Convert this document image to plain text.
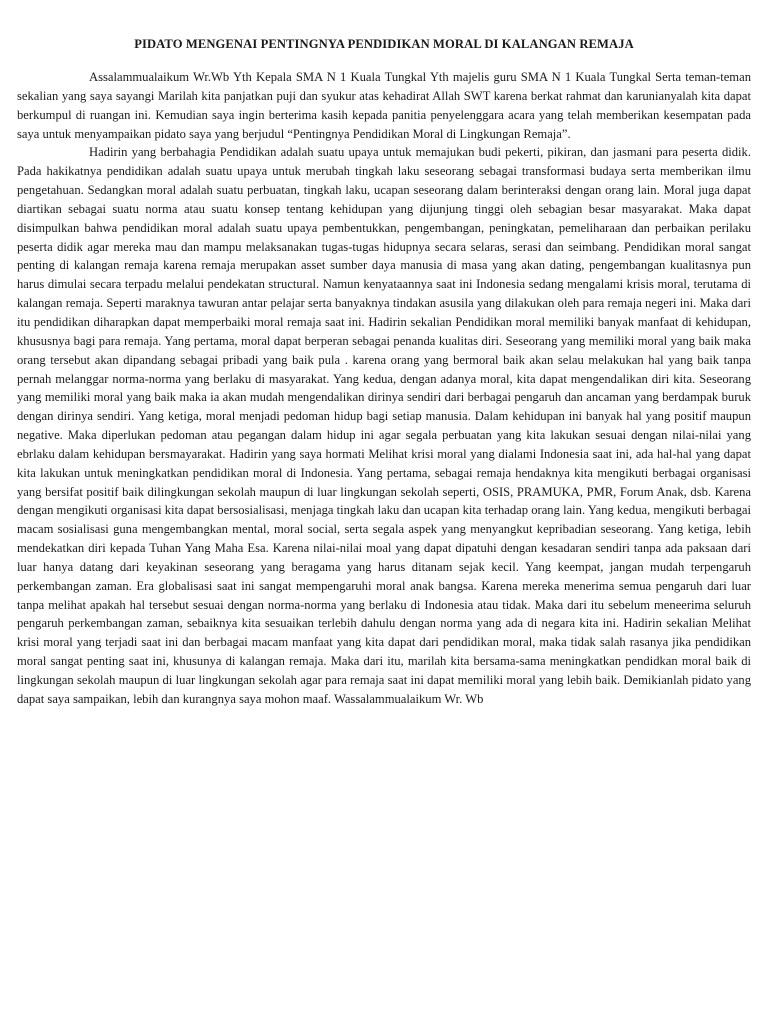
PIDATO MENGENAI PENTINGNYA PENDIDIKAN MORAL DI KALANGAN REMAJA

Assalammualaikum Wr.Wb Yth Kepala SMA N 1 Kuala Tungkal Yth majelis guru SMA N 1 Kuala Tungkal Serta teman-teman sekalian yang saya sayangi Marilah kita panjatkan puji dan syukur atas kehadirat Allah SWT karena berkat rahmat dan karunianyalah kita dapat berkumpul di ruangan ini. Kemudian saya ingin berterima kasih kepada panitia penyelenggara acara yang telah memberikan kesempatan pada saya untuk menyampaikan pidato saya yang berjudul “Pentingnya Pendidikan Moral di Lingkungan Remaja”.

Hadirin yang berbahagia Pendidikan adalah suatu upaya untuk memajukan budi pekerti, pikiran, dan jasmani para peserta didik. Pada hakikatnya pendidikan adalah suatu upaya untuk merubah tingkah laku seseorang sebagai transformasi budaya serta memberikan ilmu pengetahuan. Sedangkan moral adalah suatu perbuatan, tingkah laku, ucapan seseorang dalam berinteraksi dengan orang lain. Moral juga dapat diartikan sebagai suatu norma atau suatu konsep tentang kehidupan yang dijunjung tinggi oleh sebagian besar masyarakat. Maka dapat disimpulkan bahwa pendidikan moral adalah suatu upaya pembentukkan, pengembangan, peningkatan, pemeliharaan dan perbaikan perilaku peserta didik agar mereka mau dan mampu melaksanakan tugas-tugas hidupnya secara selaras, serasi dan seimbang. Pendidikan moral sangat penting di kalangan remaja karena remaja merupakan asset sumber daya manusia di masa yang akan dating, pengembangan kualitasnya pun harus dimulai secara terpadu melalui pendekatan structural. Namun kenyataannya saat ini Indonesia sedang mengalami krisis moral, terutama di kalangan remaja. Seperti maraknya tawuran antar pelajar serta banyaknya tindakan asusila yang dilakukan oleh para remaja negeri ini. Maka dari itu pendidikan diharapkan dapat memperbaiki moral remaja saat ini. Hadirin sekalian Pendidikan moral memiliki banyak manfaat di kehidupan, khususnya bagi para remaja. Yang pertama, moral dapat berperan sebagai penanda kualitas diri. Seseorang yang memiliki moral yang baik maka orang tersebut akan dipandang sebagai pribadi yang baik pula . karena orang yang bermoral baik akan selau melakukan hal yang baik tanpa pernah melanggar norma-norma yang berlaku di masyarakat. Yang kedua, dengan adanya moral, kita dapat mengendalikan diri kita. Seseorang yang memiliki moral yang baik maka ia akan mudah mengendalikan dirinya sendiri dari berbagai pengaruh dan ancaman yang berdampak buruk dengan dirinya sendiri. Yang ketiga, moral menjadi pedoman hidup bagi setiap manusia. Dalam kehidupan ini banyak hal yang positif maupun negative. Maka diperlukan pedoman atau pegangan dalam hidup ini agar segala perbuatan yang kita lakukan sesuai dengan nilai-nilai yang ebrlaku dalam kehidupan bersmayarakat. Hadirin yang saya hormati Melihat krisi moral yang dialami Indonesia saat ini, ada hal-hal yang dapat kita lakukan untuk meningkatkan pendidikan moral di Indonesia. Yang pertama, sebagai remaja hendaknya kita mengikuti berbagai organisasi yang bersifat positif baik dilingkungan sekolah maupun di luar lingkungan sekolah seperti, OSIS, PRAMUKA, PMR, Forum Anak, dsb. Karena dengan mengikuti organisasi kita dapat bersosialisasi, menjaga tingkah laku dan ucapan kita terhadap orang lain. Yang kedua, mengikuti berbagai macam sosialisasi guna mengembangkan mental, moral social, serta segala aspek yang menyangkut kepribadian seseorang. Yang ketiga, lebih mendekatkan diri kepada Tuhan Yang Maha Esa. Karena nilai-nilai moal yang dapat dipatuhi dengan kesadaran sendiri tanpa ada paksaan dari luar hanya datang dari keyakinan seseorang yang beragama yang harus ditanam sejak kecil. Yang keempat, jangan mudah terpengaruh perkembangan zaman. Era globalisasi saat ini sangat mempengaruhi moral anak bangsa. Karena mereka menerima semua pengaruh dari luar tanpa melihat apakah hal tersebut sesuai dengan norma-norma yang berlaku di Indonesia atau tidak. Maka dari itu sebelum meneerima seluruh pengaruh perkembangan zaman, sebaiknya kita sesuaikan terlebih dahulu dengan norma yang ada di negara kita ini. Hadirin sekalian Melihat krisi moral yang terjadi saat ini dan berbagai macam manfaat yang kita dapat dari pendidikan moral, maka tidak salah rasanya jika pendidikan moral sangat penting saat ini, khusunya di kalangan remaja. Maka dari itu, marilah kita bersama-sama meningkatkan pendidkan moral baik di lingkungan sekolah maupun di luar lingkungan sekolah agar para remaja saat ini dapat memiliki moral yang lebih baik. Demikianlah pidato yang dapat saya sampaikan, lebih dan kurangnya saya mohon maaf. Wassalammualaikum Wr. Wb
